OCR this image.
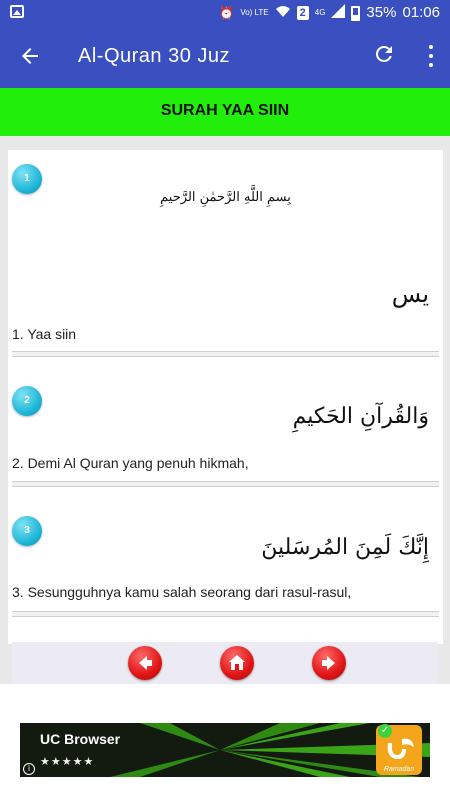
⏰ Vo) LTE	2	4G	35% 01:06
Al-Quran 30 Juz
SURAH YAA SIIN
1
بِسمِ اللَّهِ الرَّحمٰنِ الرَّحيمِ
يس
1. Yaa siin
2
وَالقُرآنِ الحَكيمِ
2. Demi Al Quran yang penuh hikmah,
3
إِنَّكَ لَمِنَ المُرسَلينَ
3. Sesungguhnya kamu salah seorang dari rasul-rasul,
UC Browser
★★★★★
i
✓
Ramadan
